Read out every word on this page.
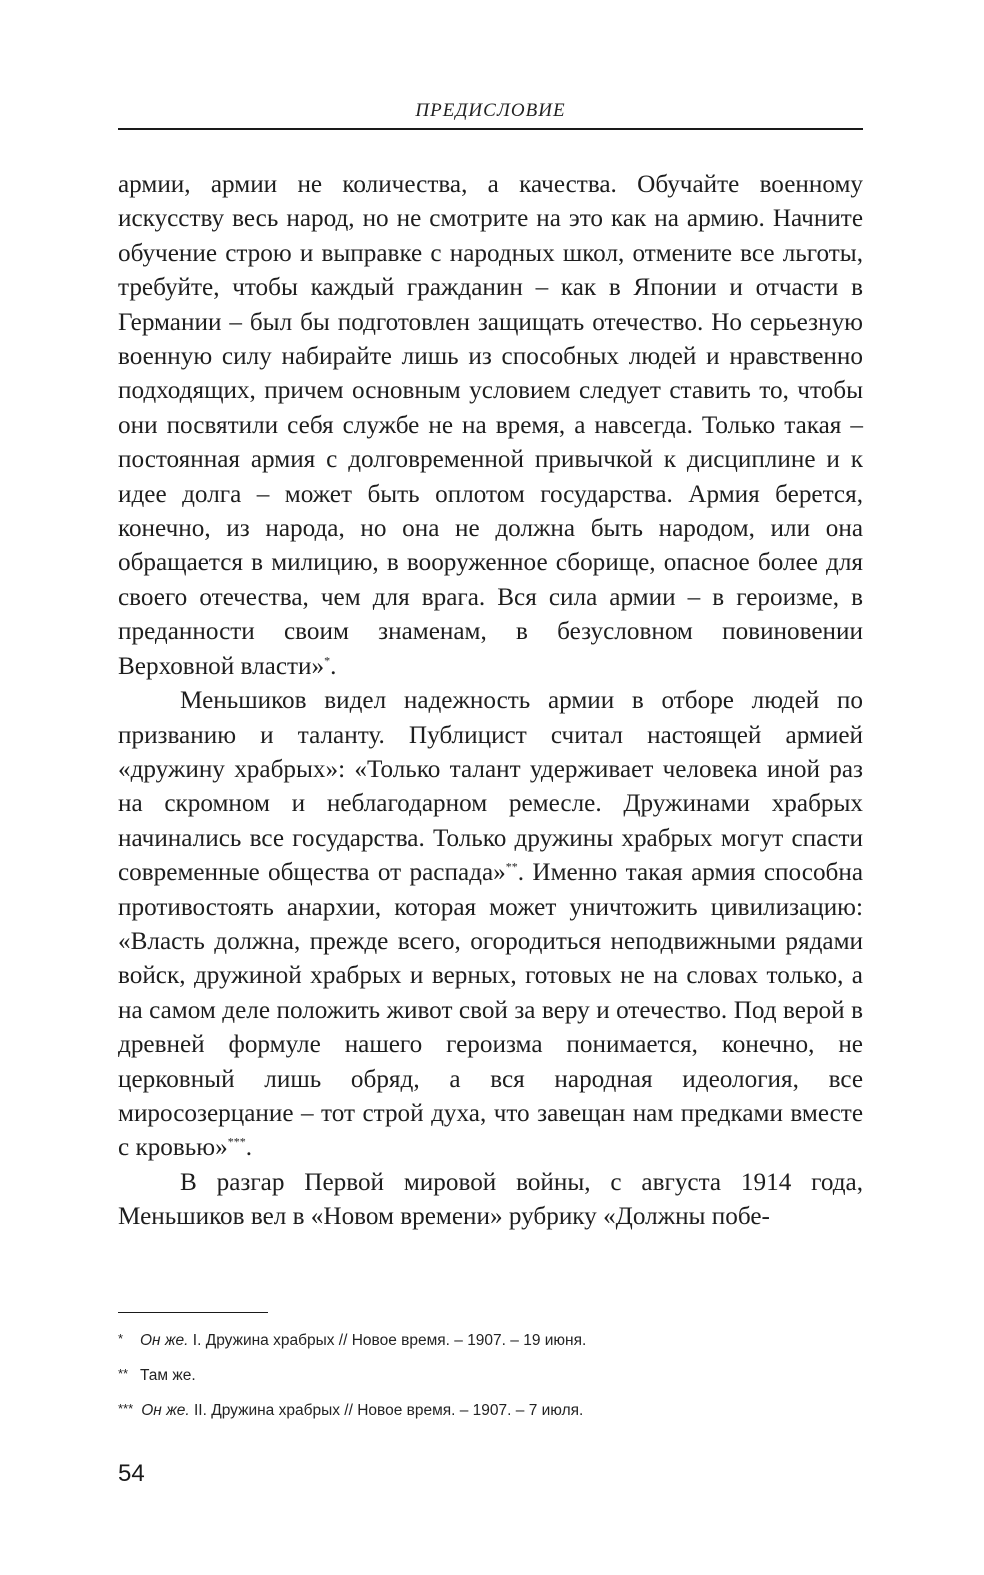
ПРЕДИСЛОВИЕ

армии, армии не количества, а качества. Обучайте военному искусству весь народ, но не смотрите на это как на армию. Начните обучение строю и выправке с народных школ, отмените все льготы, требуйте, чтобы каждый гражданин – как в Японии и отчасти в Германии – был бы подготовлен защищать отечество. Но серьезную военную силу набирайте лишь из способных людей и нравственно подходящих, причем основным условием следует ставить то, чтобы они посвятили себя службе не на время, а навсегда. Только такая – постоянная армия с долговременной привычкой к дисциплине и к идее долга – может быть оплотом государства. Армия берется, конечно, из народа, но она не должна быть народом, или она обращается в милицию, в вооруженное сборище, опасное более для своего отечества, чем для врага. Вся сила армии – в героизме, в преданности своим знаменам, в безусловном повиновении Верховной власти»*.

Меньшиков видел надежность армии в отборе людей по призванию и таланту. Публицист считал настоящей армией «дружину храбрых»: «Только талант удерживает человека иной раз на скромном и неблагодарном ремесле. Дружинами храбрых начинались все государства. Только дружины храбрых могут спасти современные общества от распада»**. Именно такая армия способна противостоять анархии, которая может уничтожить цивилизацию: «Власть должна, прежде всего, огородиться неподвижными рядами войск, дружиной храбрых и верных, готовых не на словах только, а на самом деле положить живот свой за веру и отечество. Под верой в древней формуле нашего героизма понимается, конечно, не церковный лишь обряд, а вся народная идеология, все миросозерцание – тот строй духа, что завещан нам предками вместе с кровью»***.

В разгар Первой мировой войны, с августа 1914 года, Меньшиков вел в «Новом времени» рубрику «Должны побе-

* Он же. I. Дружина храбрых // Новое время. – 1907. – 19 июня.
** Там же.
*** Он же. II. Дружина храбрых // Новое время. – 1907. – 7 июля.
54
